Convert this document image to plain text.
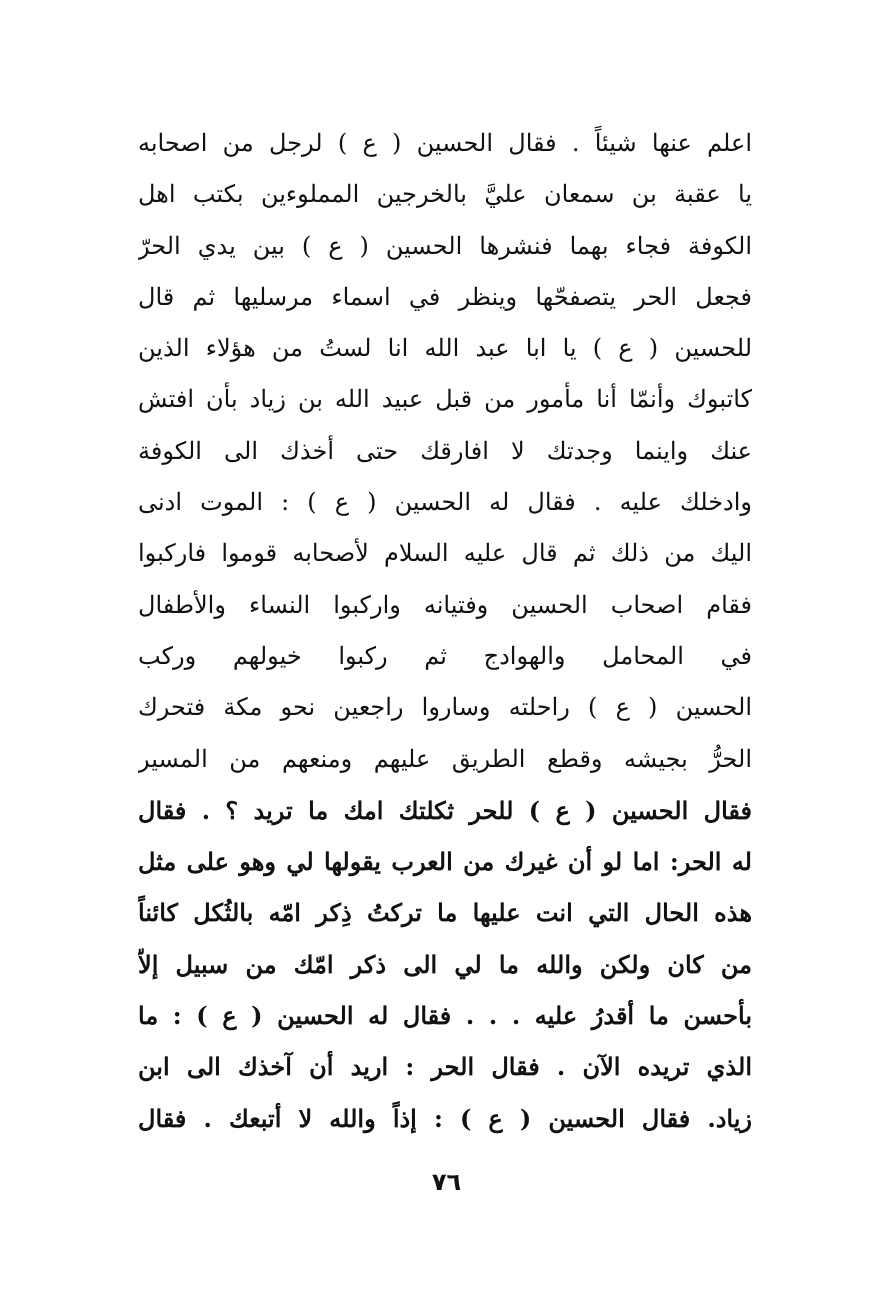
اعلم عنها شيئاً . فقال الحسين ( ع ) لرجل من اصحابه
يا عقبة بن سمعان عليَّ بالخرجين المملوءين بكتب اهل
الكوفة فجاء بهما فنشرها الحسين ( ع ) بين يدي الحرّ
فجعل الحر يتصفحّها وينظر في اسماء مرسليها ثم قال
للحسين ( ع ) يا ابا عبد الله انا لستُ من هؤلاء الذين
كاتبوك وأنمّا أنا مأمور من قبل عبيد الله بن زياد بأن افتش
عنك واينما وجدتك لا افارقك حتى أخذك الى الكوفة
وادخلك عليه . فقال له الحسين ( ع ) : الموت ادنى
اليك من ذلك ثم قال عليه السلام لأصحابه قوموا فاركبوا
فقام اصحاب الحسين وفتيانه واركبوا النساء والأطفال
في المحامل والهوادج ثم ركبوا خيولهم وركب
الحسين ( ع ) راحلته وساروا راجعين نحو مكة فتحرك
الحرُّ بجيشه وقطع الطريق عليهم ومنعهم من المسير
فقال الحسين ( ع ) للحر ثكلتك امك ما تريد ؟ . فقال
له الحر: اما لو أن غيرك من العرب يقولها لي وهو على مثل
هذه الحال التي انت عليها ما تركتُ ذِكر امّه بالثُكل كائناً
من كان ولكن والله ما لي الى ذكر امّك من سبيل إلاّ
بأحسن ما أقدرُ عليه . . . فقال له الحسين ( ع ) : ما
الذي تريده الآن . فقال الحر : اريد أن آخذك الى ابن
زياد. فقال الحسين ( ع ) : إذاً والله لا أتبعك . فقال
٧٦
